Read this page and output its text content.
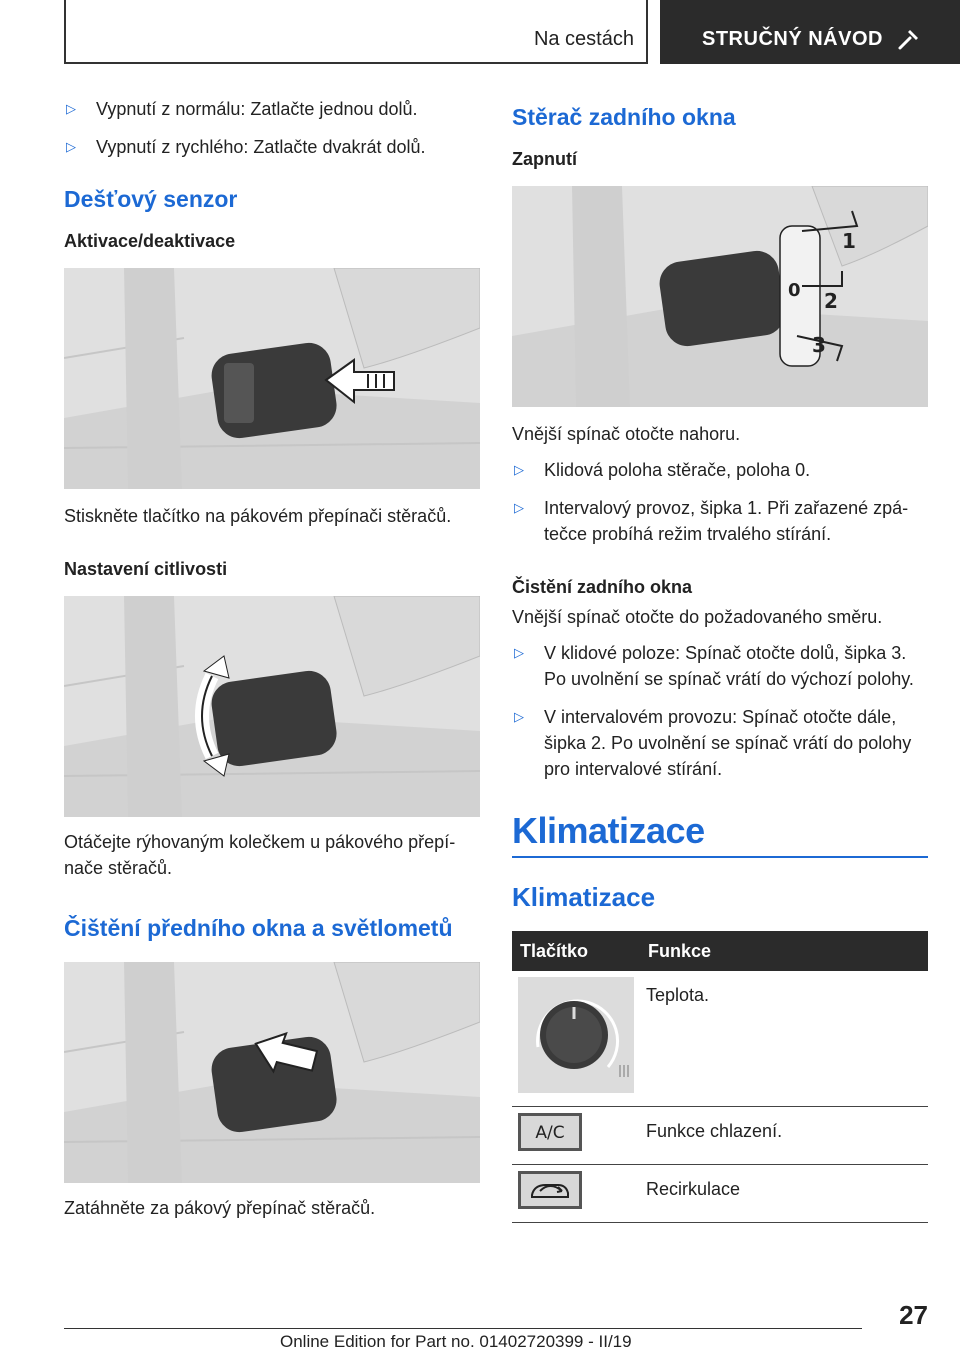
Na cestách	STRUČNÝ NÁVOD
▷	Vypnutí z normálu: Zatlačte jednou dolů.
▷	Vypnutí z rychlého: Zatlačte dvakrát dolů.
Dešťový senzor
Aktivace/deaktivace

Stiskněte tlačítko na pákovém přepínači stěračů.

Nastavení citlivosti

Otáčejte rýhovaným kolečkem u pákového přepínače stěračů.

Čištění předního okna a světlometů

Zatáhněte za pákový přepínač stěračů.

Stěrač zadního okna
Zapnutí
0
1
2
3

Vnější spínač otočte nahoru.

▷	Klidová poloha stěrače, poloha 0.
▷	Intervalový provoz, šipka 1. Při zařazené zpátečce probíhá režim trvalého stírání.
Čistění zadního okna

Vnější spínač otočte do požadovaného směru.

▷	V klidové poloze: Spínač otočte dolů, šipka 3. Po uvolnění se spínač vrátí do výchozí polohy.
▷	V intervalovém provozu: Spínač otočte dále, šipka 2. Po uvolnění se spínač vrátí do polohy pro intervalové stírání.
Klimatizace
Klimatizace
Tlačítko	Funkce
	Teplota.

A/C	Funkce chlazení.
	Recirkulace
27
Online Edition for Part no. 01402720399 - II/19
